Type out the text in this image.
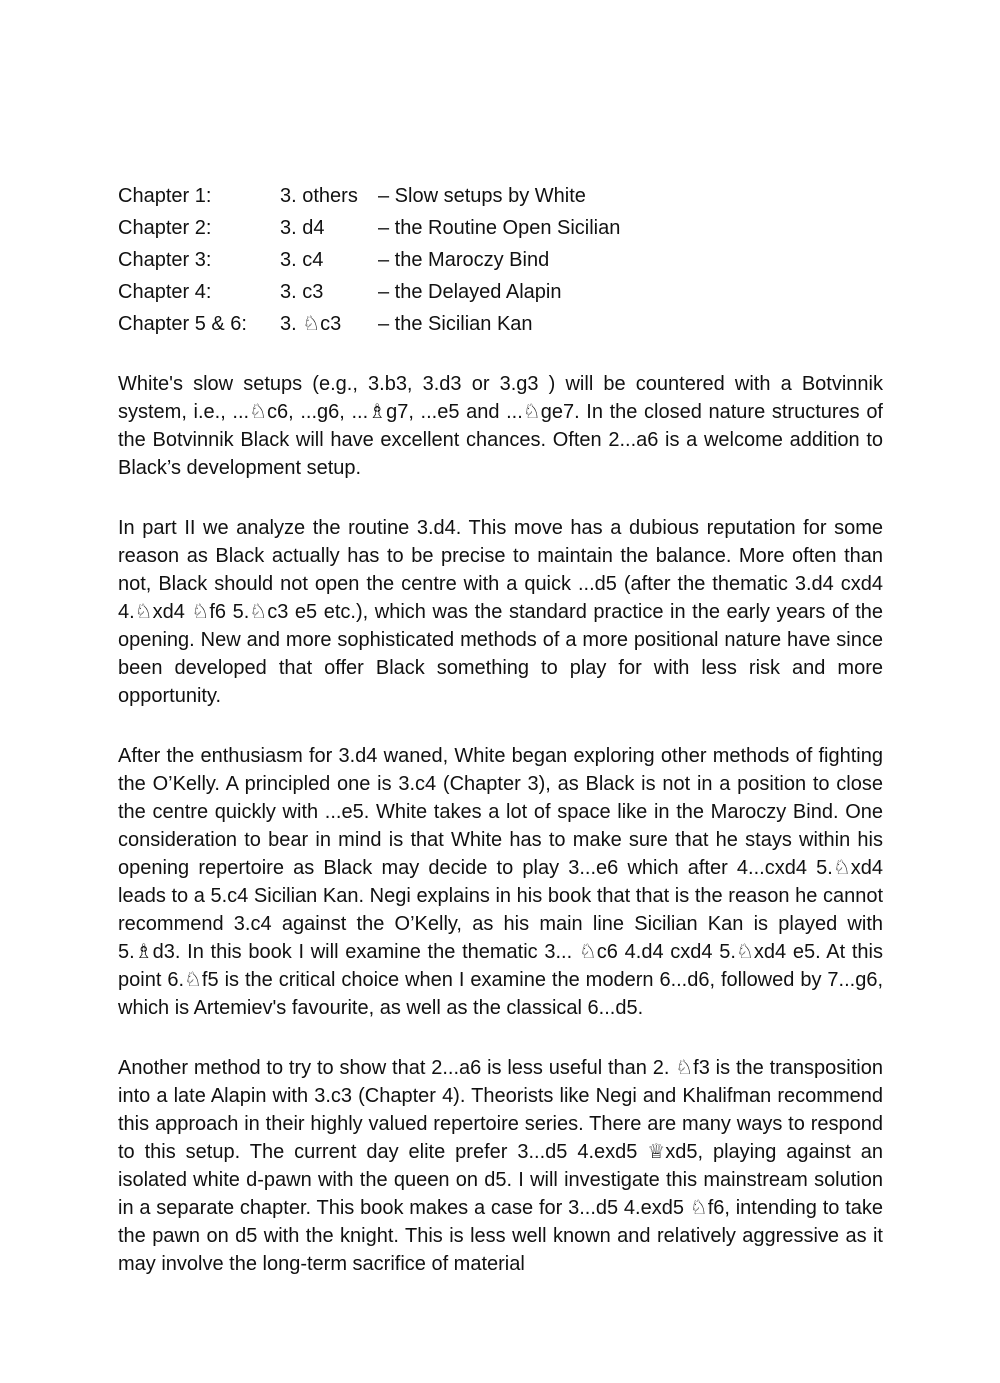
Chapter 1:	3. others	– Slow setups by White
Chapter 2:	3. d4	– the Routine Open Sicilian
Chapter 3:	3. c4	– the Maroczy Bind
Chapter 4:	3. c3	– the Delayed Alapin
Chapter 5 & 6:	3. ♘c3	– the Sicilian Kan

White's slow setups (e.g., 3.b3, 3.d3 or 3.g3 ) will be countered with a Botvinnik system, i.e., ...♘c6, ...g6, ...♗g7, ...e5 and ...♘ge7. In the closed nature structures of the Botvinnik Black will have excellent chances. Often 2...a6 is a welcome addition to Black’s development setup.

In part II we analyze the routine 3.d4. This move has a dubious reputation for some reason as Black actually has to be precise to maintain the balance. More often than not, Black should not open the centre with a quick ...d5 (after the thematic 3.d4 cxd4 4.♘xd4 ♘f6 5.♘c3 e5 etc.), which was the standard practice in the early years of the opening. New and more sophisticated methods of a more positional nature have since been developed that offer Black something to play for with less risk and more opportunity.

After the enthusiasm for 3.d4 waned, White began exploring other methods of fighting the O’Kelly. A principled one is 3.c4 (Chapter 3), as Black is not in a position to close the centre quickly with ...e5. White takes a lot of space like in the Maroczy Bind. One consideration to bear in mind is that White has to make sure that he stays within his opening repertoire as Black may decide to play 3...e6 which after 4...cxd4 5.♘xd4 leads to a 5.c4 Sicilian Kan. Negi explains in his book that that is the reason he cannot recommend 3.c4 against the O’Kelly, as his main line Sicilian Kan is played with 5.♗d3. In this book I will examine the thematic 3... ♘c6 4.d4 cxd4 5.♘xd4 e5. At this point 6.♘f5 is the critical choice when I examine the modern 6...d6, followed by 7...g6, which is Artemiev's favourite, as well as the classical 6...d5.

Another method to try to show that 2...a6 is less useful than 2. ♘f3 is the transposition into a late Alapin with 3.c3 (Chapter 4). Theorists like Negi and Khalifman recommend this approach in their highly valued repertoire series. There are many ways to respond to this setup. The current day elite prefer 3...d5 4.exd5 ♕xd5, playing against an isolated white d-pawn with the queen on d5. I will investigate this mainstream solution in a separate chapter. This book makes a case for 3...d5 4.exd5 ♘f6, intending to take the pawn on d5 with the knight. This is less well known and relatively aggressive as it may involve the long-term sacrifice of material
